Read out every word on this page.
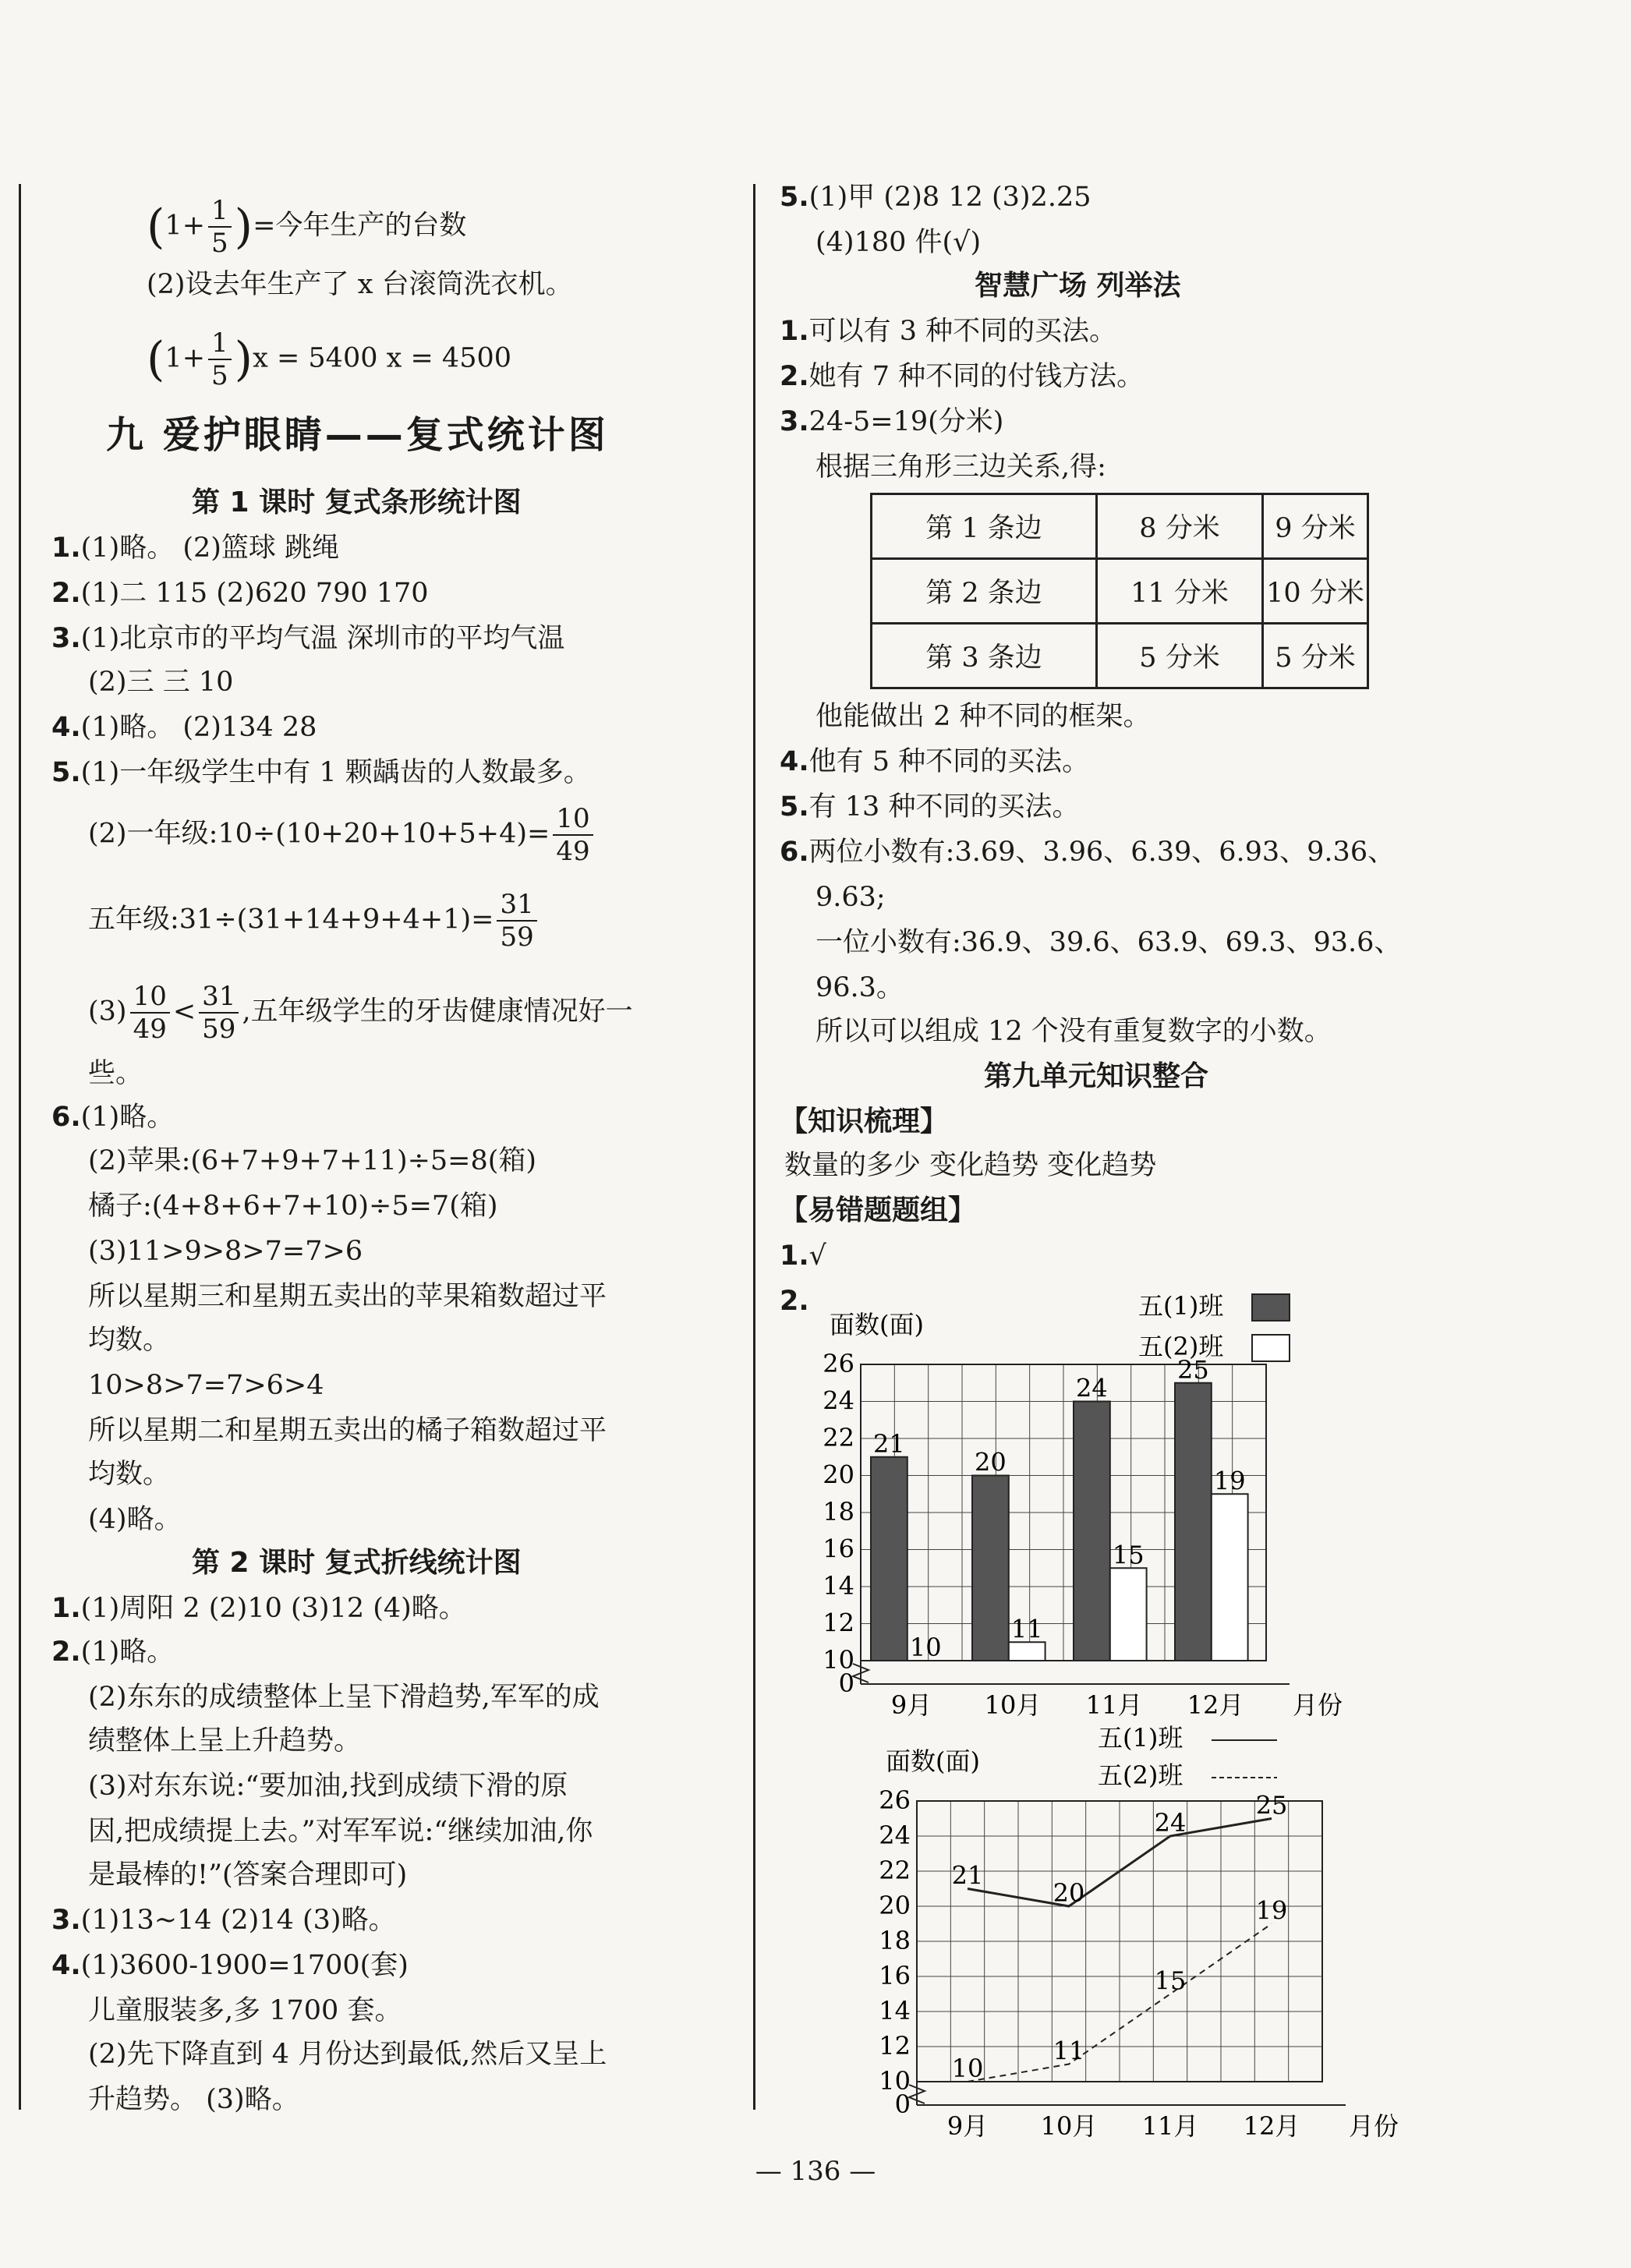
($1+ \frac{1}{5}$ )=今年生产的台数
(2)设去年生产了 x 台滚筒洗衣机。
$(1+ \frac{1}{5} )x = 5400$ x = 4500
九 爱护眼睛——复式统计图
第 1 课时 复式条形统计图
1.(1)略。 (2)篮球 跳绳
2.(1)二 115 (2)620 790 170
3.(1)北京市的平均气温 深圳市的平均气温
(2)三 三 10
4.(1)略。 (2)134 28
5.(1)一年级学生中有 1 颗龋齿的人数最多。
(2)一年级:10÷(10+20+10+5+4)= $\frac{10}{49}$
五年级:31÷(31+14+9+4+1)= $\frac{31}{59}$
$(3) \frac{10}{49} < \frac{31}{59}$ ,五年级学生的牙齿健康情况好一
些。
6.(1)略。
(2)苹果:(6+7+9+7+11)÷5=8(箱)
橘子:(4+8+6+7+10)÷5=7(箱)
(3)11>9>8>7=7>6
所以星期三和星期五卖出的苹果箱数超过平
均数。
10>8>7=7>6>4
所以星期二和星期五卖出的橘子箱数超过平
均数。
(4)略。
第 2 课时 复式折线统计图
1.(1)周阳 2 (2)10 (3)12 (4)略。
2.(1)略。
(2)东东的成绩整体上呈下滑趋势,军军的成
绩整体上呈上升趋势。
(3)对东东说:“要加油,找到成绩下滑的原
因,把成绩提上去。”对军军说:“继续加油,你
是最棒的!”(答案合理即可)
3.(1)13~14 (2)14 (3)略。
4.(1)3600-1900=1700(套)
儿童服装多,多 1700 套。
(2)先下降直到 4 月份达到最低,然后又呈上
升趋势。 (3)略。
5.(1)甲 (2)8 12 (3)2.25
(4)180 件(√)
智慧广场 列举法
1.可以有 3 种不同的买法。
2.她有 7 种不同的付钱方法。
3.24-5=19(分米)
根据三角形三边关系,得:
第 1 条边	8 分米	9 分米
第 2 条边	11 分米	10 分米
第 3 条边	5 分米	5 分米
他能做出 2 种不同的框架。
4.他有 5 种不同的买法。
5.有 13 种不同的买法。
6.两位小数有:3.69、3.96、6.39、6.93、9.36、
9.63;
一位小数有:36.9、39.6、63.9、69.3、93.6、
96.3。
所以可以组成 12 个没有重复数字的小数。
第九单元知识整合
【知识梳理】
数量的多少 变化趋势 变化趋势
【易错题题组】
1.√
2.
0
10
12
14
16
18
20
22
24
26
面数(面)
9月 10月 11月 12月 月份
21
20
24
25
五(1)班
10
11
15
19
五(2)班
0
10
12
14
16
18
20
22
24
26
面数(面)
9月 10月 11月 12月 月份
21
20
24
25
五(1)班
10
11
15
19
五(2)班
— 136 —
